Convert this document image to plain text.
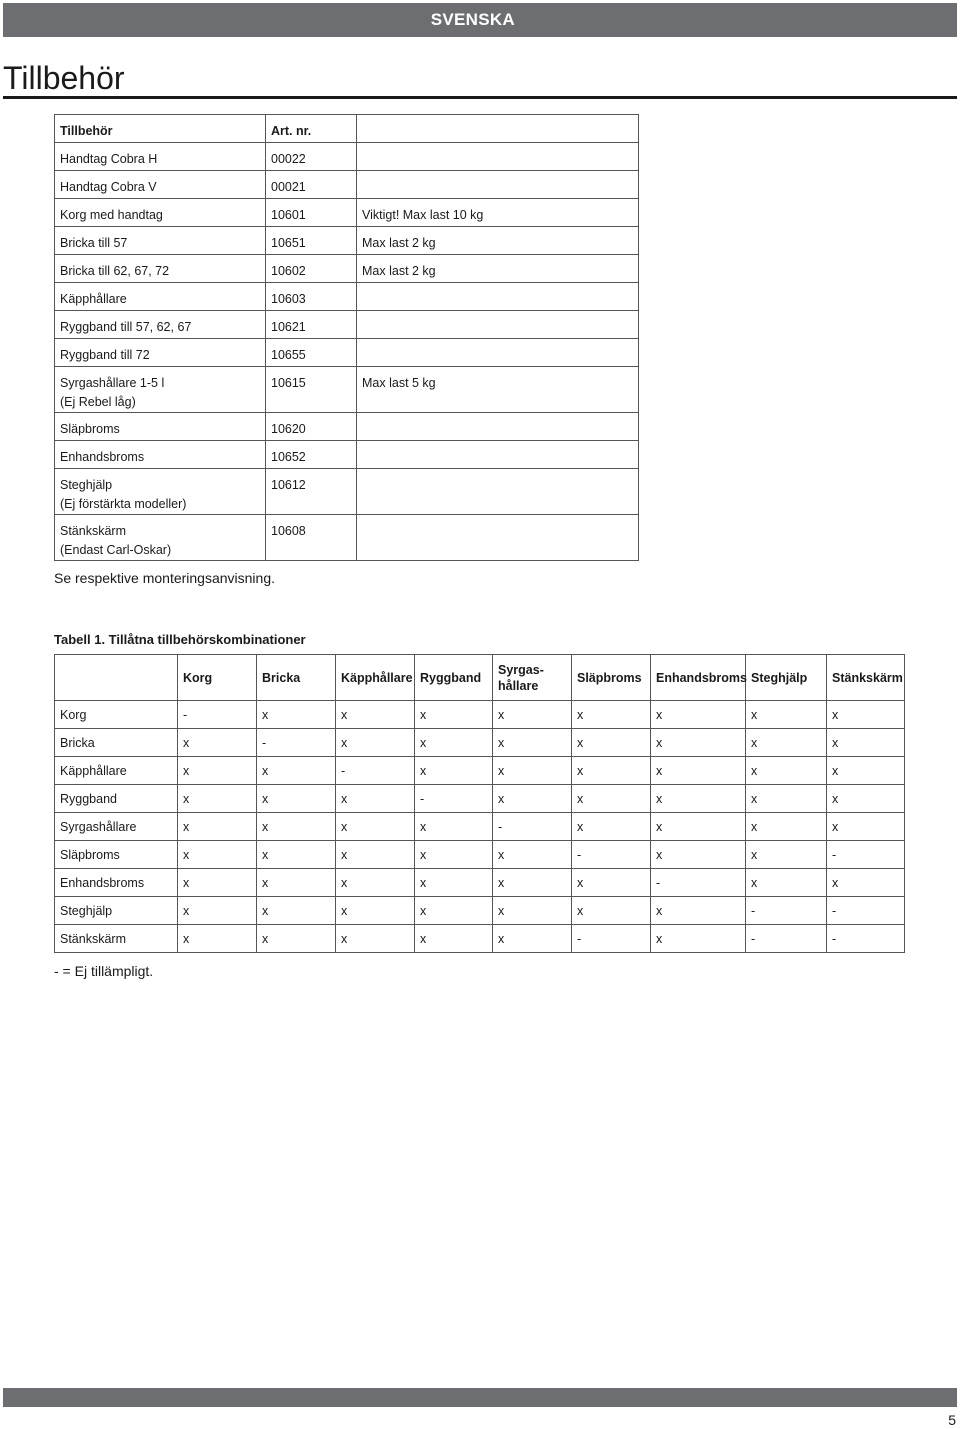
SVENSKA
Tillbehör
Tillbehör	Art. nr.	
Handtag Cobra H	00022	
Handtag Cobra V	00021	
Korg med handtag	10601	Viktigt! Max last 10 kg
Bricka till 57	10651	Max last 2 kg
Bricka till 62, 67, 72	10602	Max last 2 kg
Käpphållare	10603	
Ryggband till 57, 62, 67	10621	
Ryggband till 72	10655	
Syrgashållare 1-5 l
(Ej Rebel låg)	10615	Max last 5 kg
Släpbroms	10620	
Enhandsbroms	10652	
Steghjälp
(Ej förstärkta modeller)	10612	
Stänkskärm
(Endast Carl-Oskar)	10608	
Se respektive monteringsanvisning.
Tabell 1. Tillåtna tillbehörskombinationer
	Korg	Bricka	Käpphållare	Ryggband	Syrgas-
hållare	Släpbroms	Enhandsbroms	Steghjälp	Stänkskärm
Korg	-	x	x	x	x	x	x	x	x
Bricka	x	-	x	x	x	x	x	x	x
Käpphållare	x	x	-	x	x	x	x	x	x
Ryggband	x	x	x	-	x	x	x	x	x
Syrgashållare	x	x	x	x	-	x	x	x	x
Släpbroms	x	x	x	x	x	-	x	x	-
Enhandsbroms	x	x	x	x	x	x	-	x	x
Steghjälp	x	x	x	x	x	x	x	-	-
Stänkskärm	x	x	x	x	x	-	x	-	-
- = Ej tillämpligt.
5
